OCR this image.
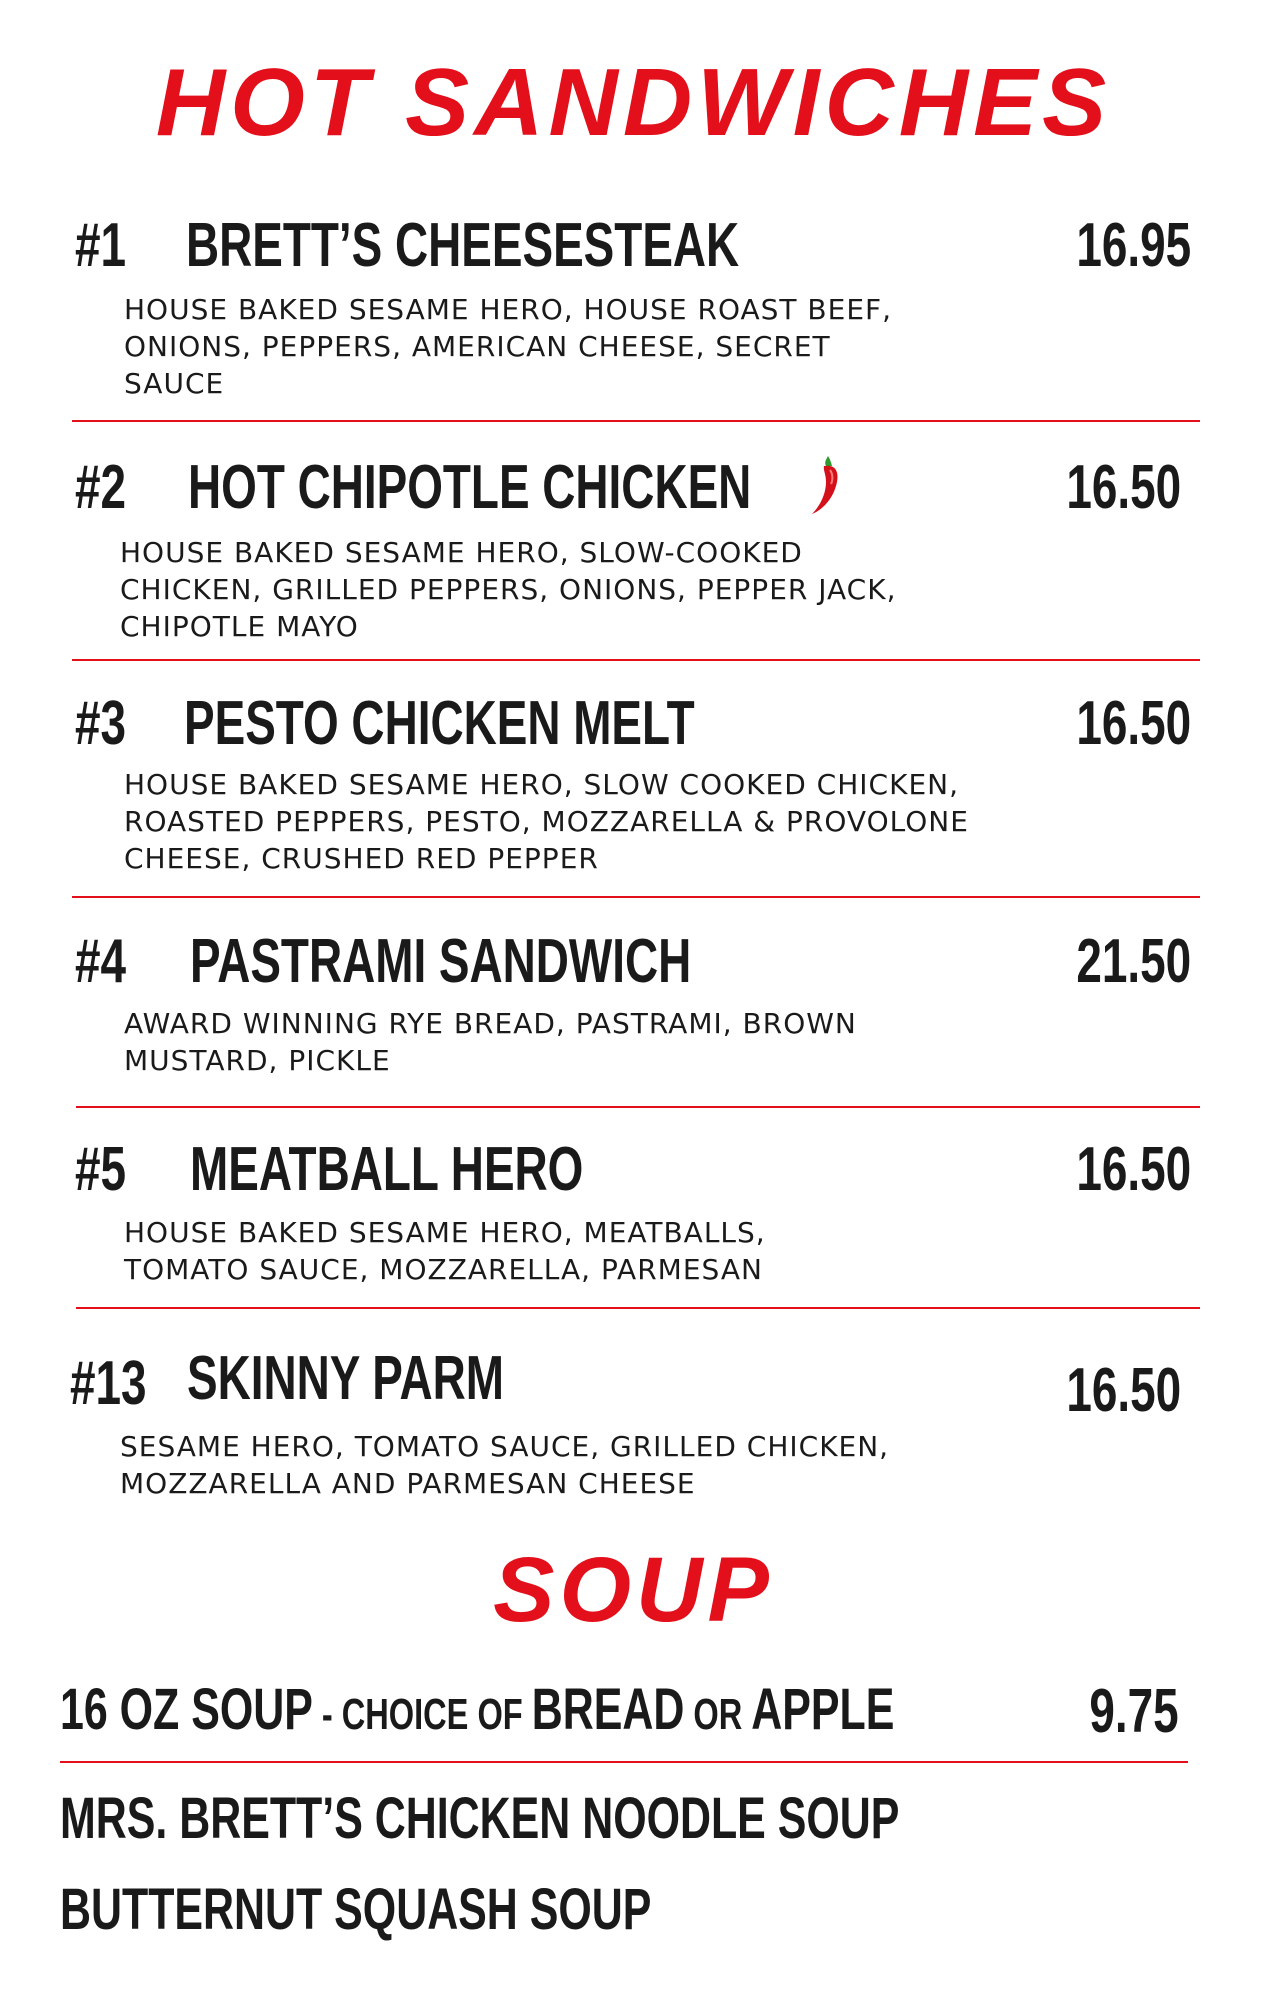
HOT SANDWICHES
#1 BRETT’S CHEESESTEAK	16.95
HOUSE BAKED SESAME HERO, HOUSE ROAST BEEF, ONIONS, PEPPERS, AMERICAN CHEESE, SECRET SAUCE
#2 HOT CHIPOTLE CHICKEN	16.50
HOUSE BAKED SESAME HERO, SLOW-COOKED CHICKEN, GRILLED PEPPERS, ONIONS, PEPPER JACK, CHIPOTLE MAYO
#3 PESTO CHICKEN MELT	16.50
HOUSE BAKED SESAME HERO, SLOW COOKED CHICKEN, ROASTED PEPPERS, PESTO, MOZZARELLA & PROVOLONE CHEESE, CRUSHED RED PEPPER
#4 PASTRAMI SANDWICH	21.50
AWARD WINNING RYE BREAD, PASTRAMI, BROWN MUSTARD, PICKLE
#5 MEATBALL HERO	16.50
HOUSE BAKED SESAME HERO, MEATBALLS, TOMATO SAUCE, MOZZARELLA, PARMESAN
#13 SKINNY PARM	16.50
SESAME HERO, TOMATO SAUCE, GRILLED CHICKEN, MOZZARELLA AND PARMESAN CHEESE
SOUP
16 OZ SOUP - CHOICE OF BREAD OR APPLE	9.75
MRS. BRETT’S CHICKEN NOODLE SOUP
BUTTERNUT SQUASH SOUP
